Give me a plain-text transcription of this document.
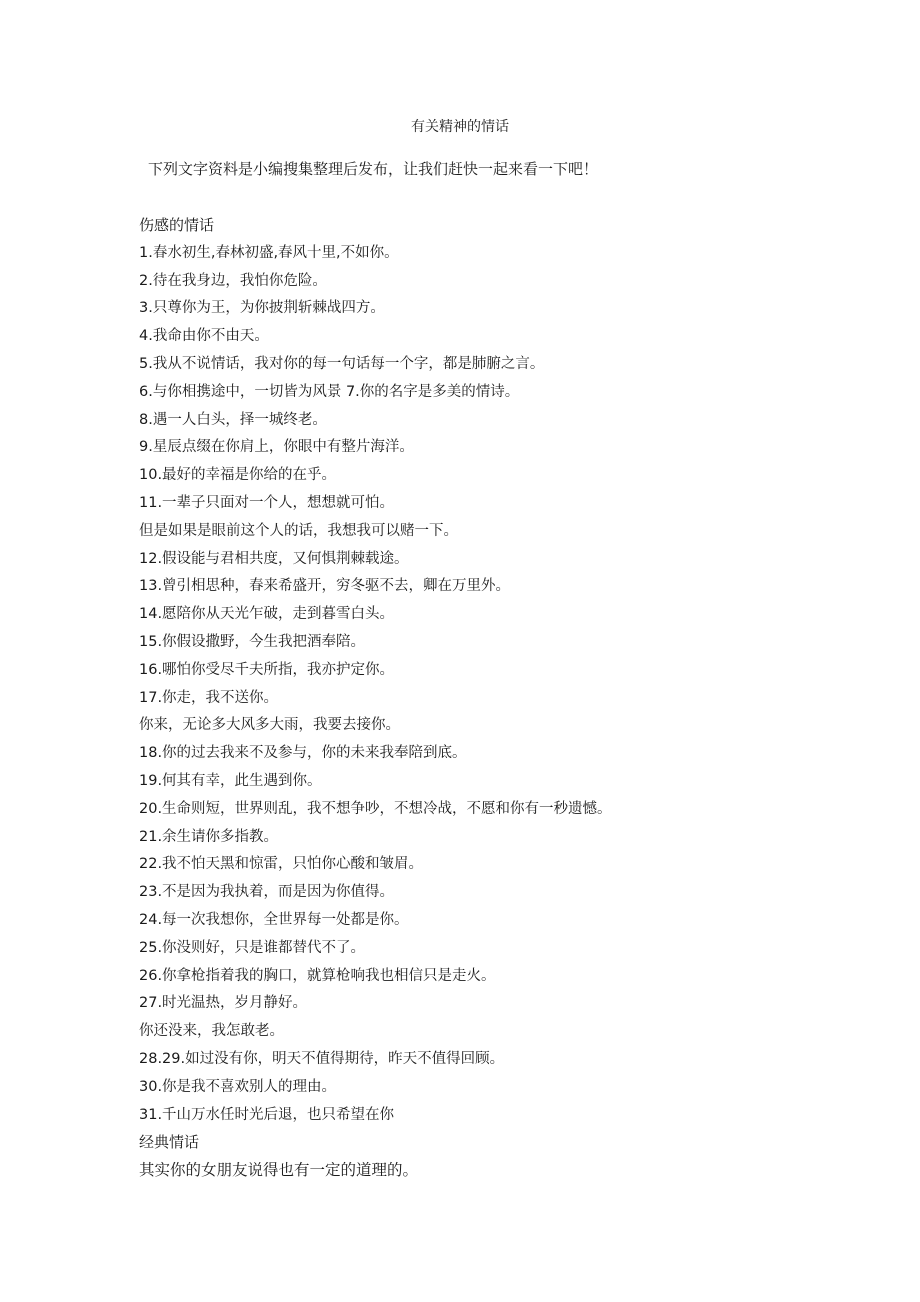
有关精神的情话
下列文字资料是小编搜集整理后发布，让我们赶快一起来看一下吧！
伤感的情话
1.春水初生,春林初盛,春风十里,不如你。
2.待在我身边，我怕你危险。
3.只尊你为王，为你披荆斩棘战四方。
4.我命由你不由天。
5.我从不说情话，我对你的每一句话每一个字，都是肺腑之言。
6.与你相携途中，一切皆为风景 7.你的名字是多美的情诗。
8.遇一人白头，择一城终老。
9.星辰点缀在你肩上，你眼中有整片海洋。
10.最好的幸福是你给的在乎。
11.一辈子只面对一个人，想想就可怕。
但是如果是眼前这个人的话，我想我可以赌一下。
12.假设能与君相共度，又何惧荆棘载途。
13.曾引相思种，春来希盛开，穷冬驱不去，卿在万里外。
14.愿陪你从天光乍破，走到暮雪白头。
15.你假设撒野，今生我把酒奉陪。
16.哪怕你受尽千夫所指，我亦护定你。
17.你走，我不送你。
你来，无论多大风多大雨，我要去接你。
18.你的过去我来不及参与，你的未来我奉陪到底。
19.何其有幸，此生遇到你。
20.生命则短，世界则乱，我不想争吵，不想冷战，不愿和你有一秒遗憾。
21.余生请你多指教。
22.我不怕天黑和惊雷，只怕你心酸和皱眉。
23.不是因为我执着，而是因为你值得。
24.每一次我想你，全世界每一处都是你。
25.你没则好，只是谁都替代不了。
26.你拿枪指着我的胸口，就算枪响我也相信只是走火。
27.时光温热，岁月静好。
你还没来，我怎敢老。
28.29.如过没有你，明天不值得期待，昨天不值得回顾。
30.你是我不喜欢别人的理由。
31.千山万水任时光后退，也只希望在你
经典情话
其实你的女朋友说得也有一定的道理的。
